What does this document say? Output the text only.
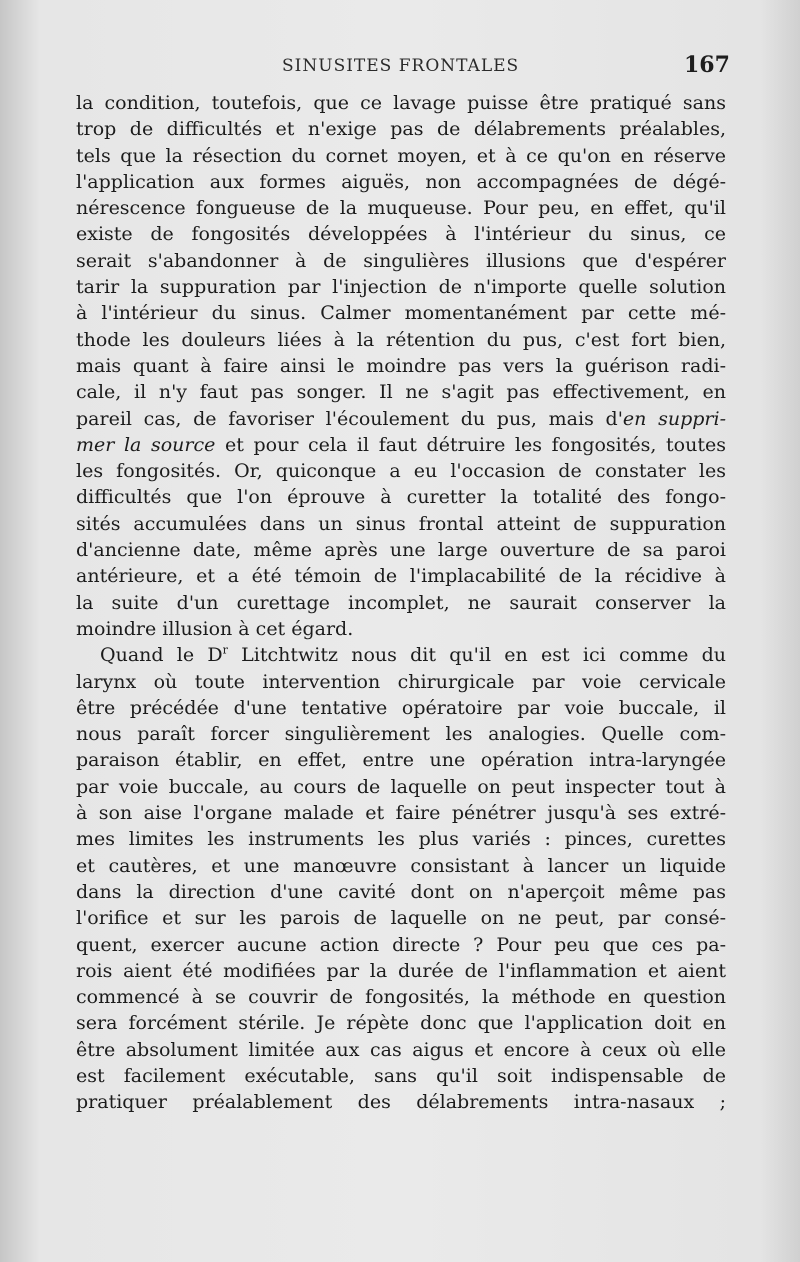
SINUSITES FRONTALES	167
la condition, toutefois, que ce lavage puisse être pratiqué sans
trop de difficultés et n'exige pas de délabrements préalables,
tels que la résection du cornet moyen, et à ce qu'on en réserve
l'application aux formes aiguës, non accompagnées de dégé-
nérescence fongueuse de la muqueuse. Pour peu, en effet, qu'il
existe de fongosités développées à l'intérieur du sinus, ce
serait s'abandonner à de singulières illusions que d'espérer
tarir la suppuration par l'injection de n'importe quelle solution
à l'intérieur du sinus. Calmer momentanément par cette mé-
thode les douleurs liées à la rétention du pus, c'est fort bien,
mais quant à faire ainsi le moindre pas vers la guérison radi-
cale, il n'y faut pas songer. Il ne s'agit pas effectivement, en
pareil cas, de favoriser l'écoulement du pus, mais d'en suppri-
mer la source et pour cela il faut détruire les fongosités, toutes
les fongosités. Or, quiconque a eu l'occasion de constater les
difficultés que l'on éprouve à curetter la totalité des fongo-
sités accumulées dans un sinus frontal atteint de suppuration
d'ancienne date, même après une large ouverture de sa paroi
antérieure, et a été témoin de l'implacabilité de la récidive à
la suite d'un curettage incomplet, ne saurait conserver la
moindre illusion à cet égard.
Quand le $D^r$ Litchtwitz nous dit qu'il en est ici comme du
larynx où toute intervention chirurgicale par voie cervicale
être précédée d'une tentative opératoire par voie buccale, il
nous paraît forcer singulièrement les analogies. Quelle com-
paraison établir, en effet, entre une opération intra-laryngée
par voie buccale, au cours de laquelle on peut inspecter tout à
à son aise l'organe malade et faire pénétrer jusqu'à ses extré-
mes limites les instruments les plus variés : pinces, curettes
et cautères, et une manœuvre consistant à lancer un liquide
dans la direction d'une cavité dont on n'aperçoit même pas
l'orifice et sur les parois de laquelle on ne peut, par consé-
quent, exercer aucune action directe ? Pour peu que ces pa-
rois aient été modifiées par la durée de l'inflammation et aient
commencé à se couvrir de fongosités, la méthode en question
sera forcément stérile. Je répète donc que l'application doit en
être absolument limitée aux cas aigus et encore à ceux où elle
est facilement exécutable, sans qu'il soit indispensable de
pratiquer préalablement des délabrements intra-nasaux ;
